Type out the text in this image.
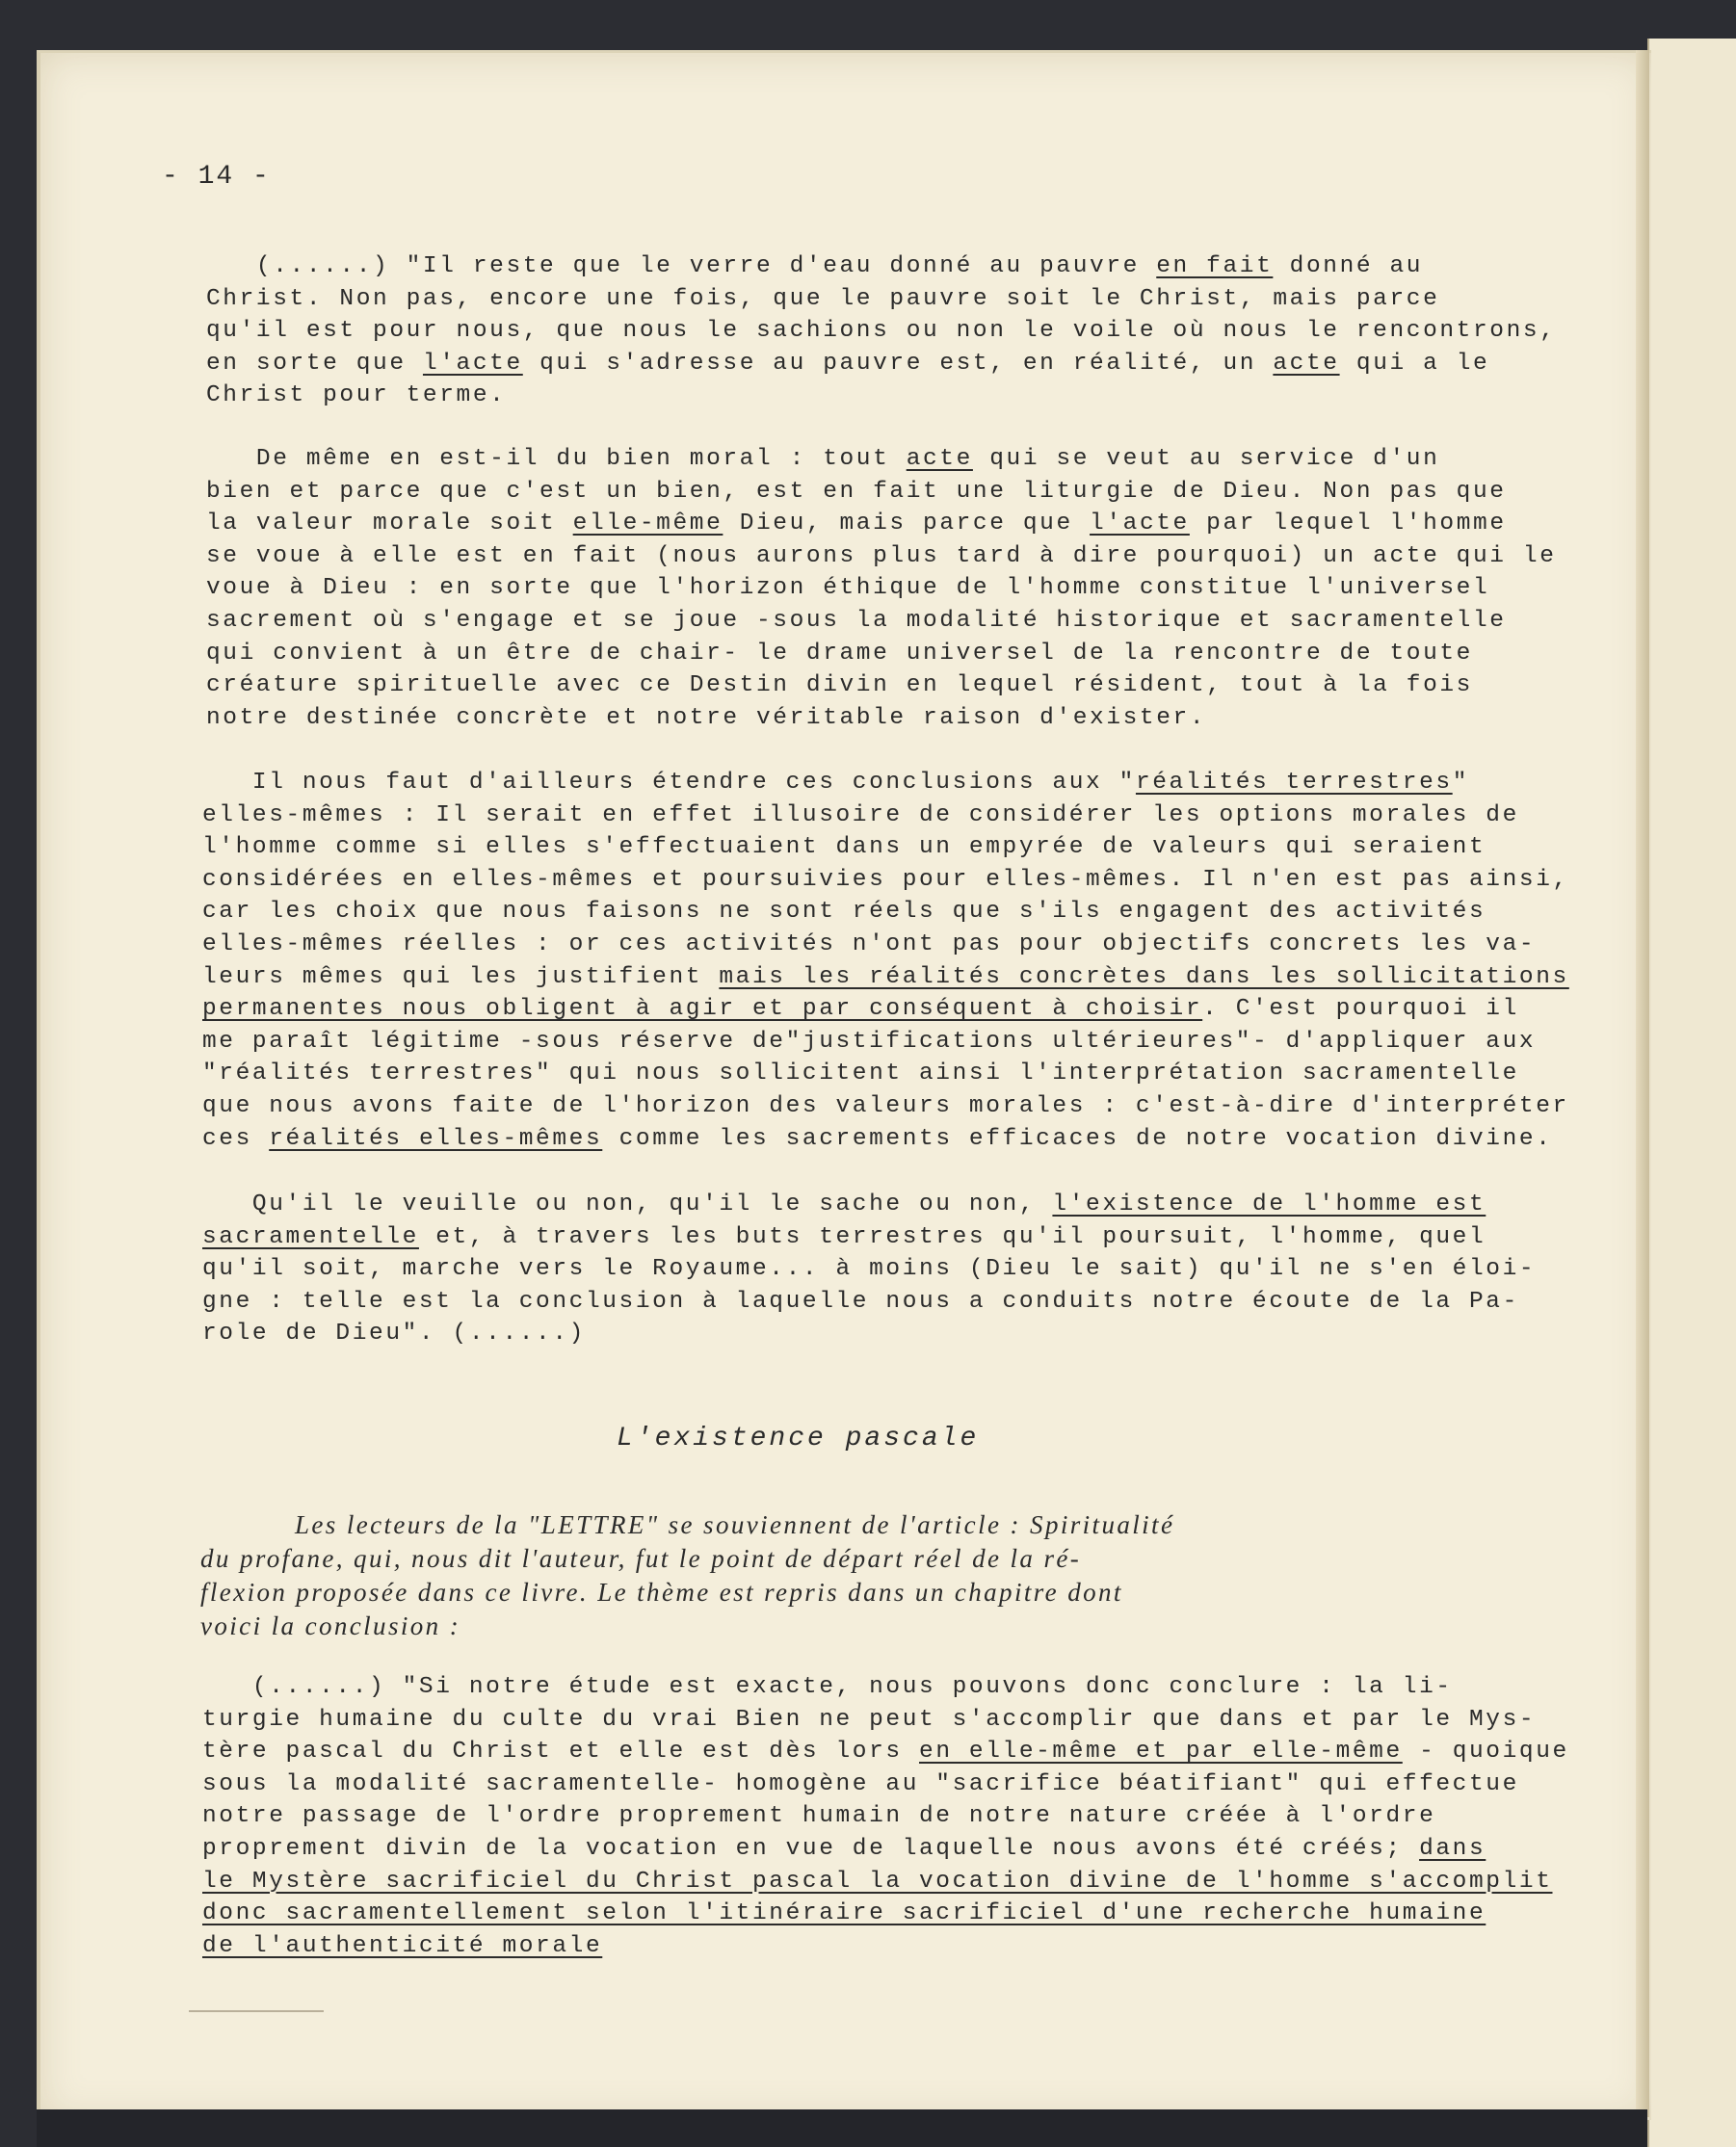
- 14 -
(......) "Il reste que le verre d'eau donné au pauvre en fait donné au
Christ. Non pas, encore une fois, que le pauvre soit le Christ, mais parce
qu'il est pour nous, que nous le sachions ou non le voile où nous le rencontrons,
en sorte que l'acte qui s'adresse au pauvre est, en réalité, un acte qui a le
Christ pour terme.
De même en est-il du bien moral : tout acte qui se veut au service d'un
bien et parce que c'est un bien, est en fait une liturgie de Dieu. Non pas que
la valeur morale soit elle-même Dieu, mais parce que l'acte par lequel l'homme
se voue à elle est en fait (nous aurons plus tard à dire pourquoi) un acte qui le
voue à Dieu : en sorte que l'horizon éthique de l'homme constitue l'universel
sacrement où s'engage et se joue -sous la modalité historique et sacramentelle
qui convient à un être de chair- le drame universel de la rencontre de toute
créature spirituelle avec ce Destin divin en lequel résident, tout à la fois
notre destinée concrète et notre véritable raison d'exister.
Il nous faut d'ailleurs étendre ces conclusions aux "réalités terrestres"
elles-mêmes : Il serait en effet illusoire de considérer les options morales de
l'homme comme si elles s'effectuaient dans un empyrée de valeurs qui seraient
considérées en elles-mêmes et poursuivies pour elles-mêmes. Il n'en est pas ainsi,
car les choix que nous faisons ne sont réels que s'ils engagent des activités
elles-mêmes réelles : or ces activités n'ont pas pour objectifs concrets les va-
leurs mêmes qui les justifient mais les réalités concrètes dans les sollicitations
permanentes nous obligent à agir et par conséquent à choisir. C'est pourquoi il
me paraît légitime -sous réserve de"justifications ultérieures"- d'appliquer aux
"réalités terrestres" qui nous sollicitent ainsi l'interprétation sacramentelle
que nous avons faite de l'horizon des valeurs morales : c'est-à-dire d'interpréter
ces réalités elles-mêmes comme les sacrements efficaces de notre vocation divine.
Qu'il le veuille ou non, qu'il le sache ou non, l'existence de l'homme est
sacramentelle et, à travers les buts terrestres qu'il poursuit, l'homme, quel
qu'il soit, marche vers le Royaume... à moins (Dieu le sait) qu'il ne s'en éloi-
gne : telle est la conclusion à laquelle nous a conduits notre écoute de la Pa-
role de Dieu". (......)
L'existence pascale
Les lecteurs de la "LETTRE" se souviennent de l'article : Spiritualité
du profane, qui, nous dit l'auteur, fut le point de départ réel de la ré-
flexion proposée dans ce livre. Le thème est repris dans un chapitre dont
voici la conclusion :
(......) "Si notre étude est exacte, nous pouvons donc conclure : la li-
turgie humaine du culte du vrai Bien ne peut s'accomplir que dans et par le Mys-
tère pascal du Christ et elle est dès lors en elle-même et par elle-même - quoique
sous la modalité sacramentelle- homogène au "sacrifice béatifiant" qui effectue
notre passage de l'ordre proprement humain de notre nature créée à l'ordre
proprement divin de la vocation en vue de laquelle nous avons été créés; dans
le Mystère sacrificiel du Christ pascal la vocation divine de l'homme s'accomplit
donc sacramentellement selon l'itinéraire sacrificiel d'une recherche humaine
de l'authenticité morale
